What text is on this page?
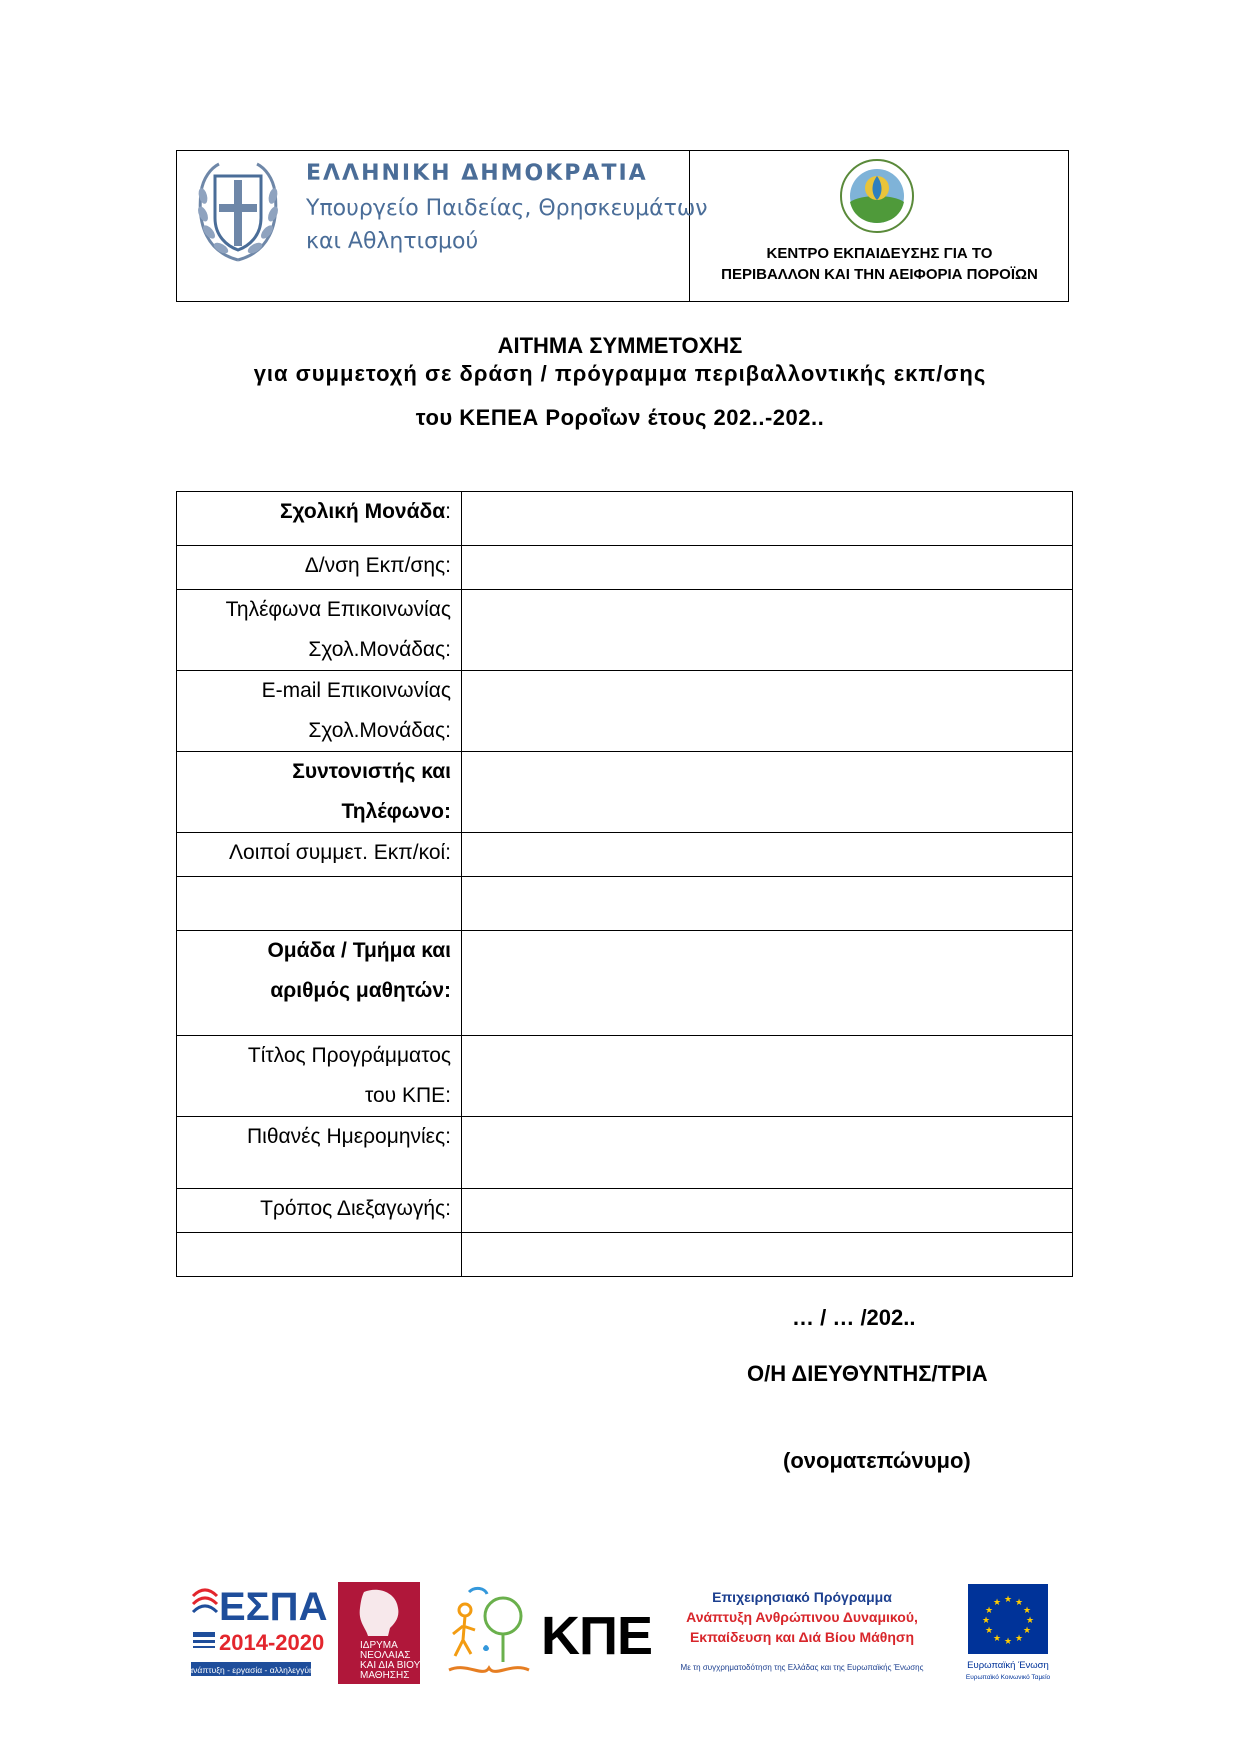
ΕΛΛΗΝΙΚΗ ΔΗΜΟΚΡΑΤΙΑ
Υπουργείο Παιδείας, Θρησκευμάτων
και Αθλητισμού	ΚΕΝΤΡΟ ΕΚΠΑΙΔΕΥΣΗΣ ΓΙΑ ΤΟ
ΠΕΡΙΒΑΛΛΟΝ ΚΑΙ ΤΗΝ ΑΕΙΦΟΡΙΑ ΠΟΡΟΪΩΝ
ΑΙΤΗΜΑ ΣΥΜΜΕΤΟΧΗΣ
για συμμετοχή σε δράση / πρόγραμμα περιβαλλοντικής εκπ/σης
του ΚΕΠΕΑ Poροΐων έτους 202..-202..
Σχολική Μονάδα:	
Δ/νση Εκπ/σης:	

Τηλέφωνα Επικοινωνίας
Σχολ.Μονάδας:	

E-mail Επικοινωνίας
Σχολ.Μονάδας:	

Συντονιστής και
Τηλέφωνο:	

Λοιποί συμμετ. Εκπ/κοί:	

Ομάδα / Τμήμα και
αριθμός μαθητών:	

Τίτλος Προγράμματος
του ΚΠΕ:	

Πιθανές Ημερομηνίες:	
Τρόπος Διεξαγωγής:	

… / … /202..
Ο/Η ΔΙΕΥΘΥΝΤΗΣ/ΤΡΙΑ
(ονοματεπώνυμο)
ΕΣΠΑ
2014-2020
ανάπτυξη - εργασία - αλληλεγγύη
ΙΔΡΥΜΑ
ΝΕΟΛΑΙΑΣ
ΚΑΙ ΔΙΑ ΒΙΟΥ
ΜΑΘΗΣΗΣ
ΚΠΕ
Επιχειρησιακό Πρόγραμμα
Ανάπτυξη Ανθρώπινου Δυναμικού,
Εκπαίδευση και Διά Βίου Μάθηση
Με τη συγχρηματοδότηση της Ελλάδας και της Ευρωπαϊκής Ένωσης
★ ★
★
★
★
★
★
★
★
★
★
★
Ευρωπαϊκή Ένωση
Ευρωπαϊκό Κοινωνικό Ταμείο
